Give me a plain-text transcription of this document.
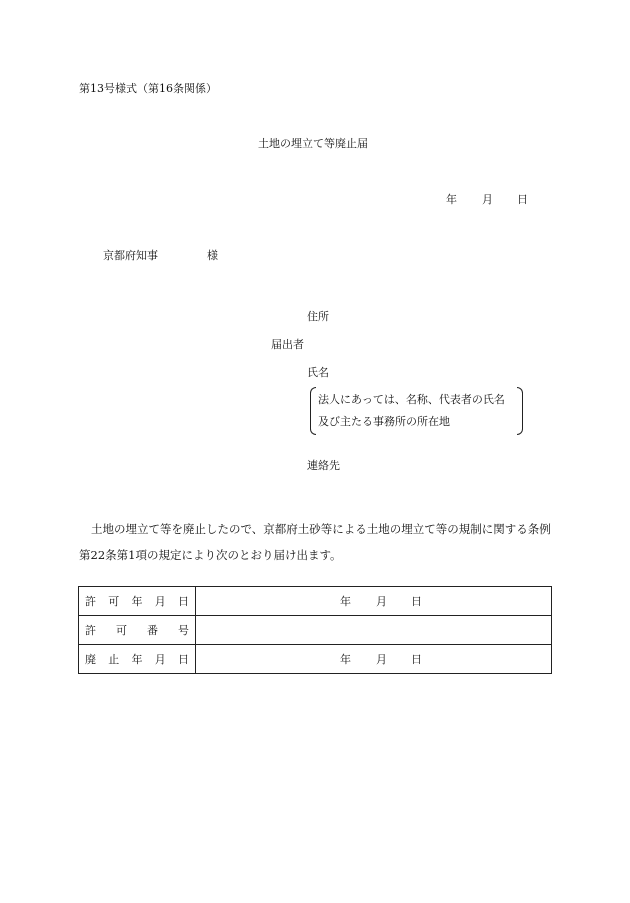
第13号様式（第16条関係）
土地の埋立て等廃止届
年 月 日
京都府知事	様
住所
届出者
氏名
法人にあっては、名称、代表者の氏名
及び主たる事務所の所在地
連絡先
土地の埋立て等を廃止したので、京都府土砂等による土地の埋立て等の規制に関する条例第22条第1項の規定により次のとおり届け出ます。
許可年月日	年 月 日

許可番号	
廃止年月日	年 月 日
